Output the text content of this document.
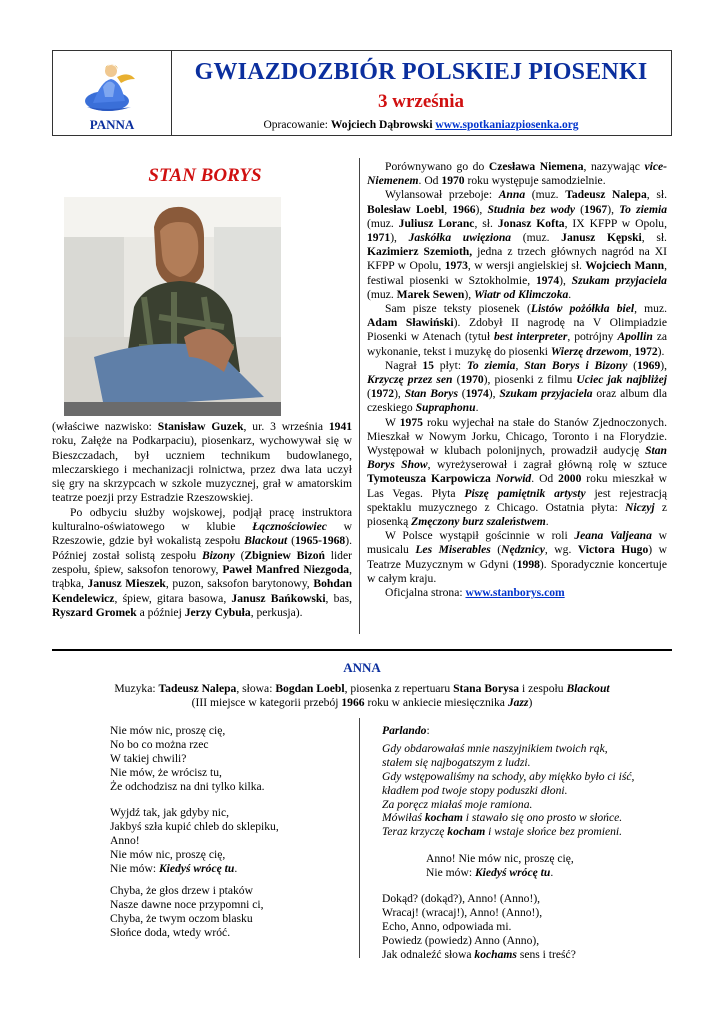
PANNA
GWIAZDOZBIÓR POLSKIEJ PIOSENKI
3 września
Opracowanie: Wojciech Dąbrowski www.spotkaniazpiosenka.org
STAN BORYS

(właściwe nazwisko: Stanisław Guzek, ur. 3 września 1941 roku, Załęże na Podkarpaciu), piosenkarz, wychowywał się w Bieszczadach, był uczniem technikum budowlanego, mleczarskiego i mechanizacji rolnictwa, przez dwa lata uczył się gry na skrzypcach w szkole muzycznej, grał w amatorskim teatrze poezji przy Estradzie Rzeszowskiej.

Po odbyciu służby wojskowej, podjął pracę instruktora kulturalno-oświatowego w klubie Łącznościowiec w Rzeszowie, gdzie był wokalistą zespołu Blackout (1965-1968). Później został solistą zespołu Bizony (Zbigniew Bizoń lider zespołu, śpiew, saksofon tenorowy, Paweł Manfred Niezgoda, trąbka, Janusz Mieszek, puzon, saksofon barytonowy, Bohdan Kendelewicz, śpiew, gitara basowa, Janusz Bańkowski, bas, Ryszard Gromek a później Jerzy Cybuła, perkusja).

Porównywano go do Czesława Niemena, nazywając vice-Niemenem. Od 1970 roku występuje samodzielnie.

Wylansował przeboje: Anna (muz. Tadeusz Nalepa, sł. Bolesław Loebl, 1966), Studnia bez wody (1967), To ziemia (muz. Juliusz Loranc, sł. Jonasz Kofta, IX KFPP w Opolu, 1971), Jaskółka uwięziona (muz. Janusz Kępski, sł. Kazimierz Szemioth, jedna z trzech głównych nagród na XI KFPP w Opolu, 1973, w wersji angielskiej sł. Wojciech Mann, festiwal piosenki w Sztokholmie, 1974), Szukam przyjaciela (muz. Marek Sewen), Wiatr od Klimczoka.

Sam pisze teksty piosenek (Listów pożółkła biel, muz. Adam Sławiński). Zdobył II nagrodę na V Olimpiadzie Piosenki w Atenach (tytuł best interpreter, potrójny Apollin za wykonanie, tekst i muzykę do piosenki Wierzę drzewom, 1972).

Nagrał 15 płyt: To ziemia, Stan Borys i Bizony (1969), Krzyczę przez sen (1970), piosenki z filmu Uciec jak najbliżej (1972), Stan Borys (1974), Szukam przyjaciela oraz album dla czeskiego Supraphonu.

W 1975 roku wyjechał na stałe do Stanów Zjednoczonych. Mieszkał w Nowym Jorku, Chicago, Toronto i na Florydzie. Występował w klubach polonijnych, prowadził audycję Stan Borys Show, wyreżyserował i zagrał główną rolę w sztuce Tymoteusza Karpowicza Norwid. Od 2000 roku mieszkał w Las Vegas. Płyta Piszę pamiętnik artysty jest rejestracją spektaklu muzycznego z Chicago. Ostatnia płyta: Niczyj z piosenką Zmęczony burz szaleństwem.

W Polsce wystąpił gościnnie w roli Jeana Valjeana w musicalu Les Miserables (Nędznicy, wg. Victora Hugo) w Teatrze Muzycznym w Gdyni (1998). Sporadycznie koncertuje w całym kraju.

Oficjalna strona: www.stanborys.com

ANNA
Muzyka: Tadeusz Nalepa, słowa: Bogdan Loebl, piosenka z repertuaru Stana Borysa i zespołu Blackout
(III miejsce w kategorii przebój 1966 roku w ankiecie miesięcznika Jazz)
Nie mów nic, proszę cię,
No bo co można rzec
W takiej chwili?
Nie mów, że wrócisz tu,
Że odchodzisz na dni tylko kilka.
Wyjdź tak, jak gdyby nic,
Jakbyś szła kupić chleb do sklepiku,
Anno!
Nie mów nic, proszę cię,
Nie mów: Kiedyś wrócę tu.
Chyba, że głos drzew i ptaków
Nasze dawne noce przypomni ci,
Chyba, że twym oczom blasku
Słońce doda, wtedy wróć.
Parlando:
Gdy obdarowałaś mnie naszyjnikiem twoich rąk,
stałem się najbogatszym z ludzi.
Gdy wstępowaliśmy na schody, aby miękko było ci iść,
kładłem pod twoje stopy poduszki dłoni.
Za poręcz miałaś moje ramiona.
Mówiłaś kocham i stawało się ono prosto w słońce.
Teraz krzyczę kocham i wstaje słońce bez promieni.
Anno! Nie mów nic, proszę cię,
Nie mów: Kiedyś wrócę tu.
Dokąd? (dokąd?), Anno! (Anno!),
Wracaj! (wracaj!), Anno! (Anno!),
Echo, Anno, odpowiada mi.
Powiedz (powiedz) Anno (Anno),
Jak odnaleźć słowa kochams sens i treść?
